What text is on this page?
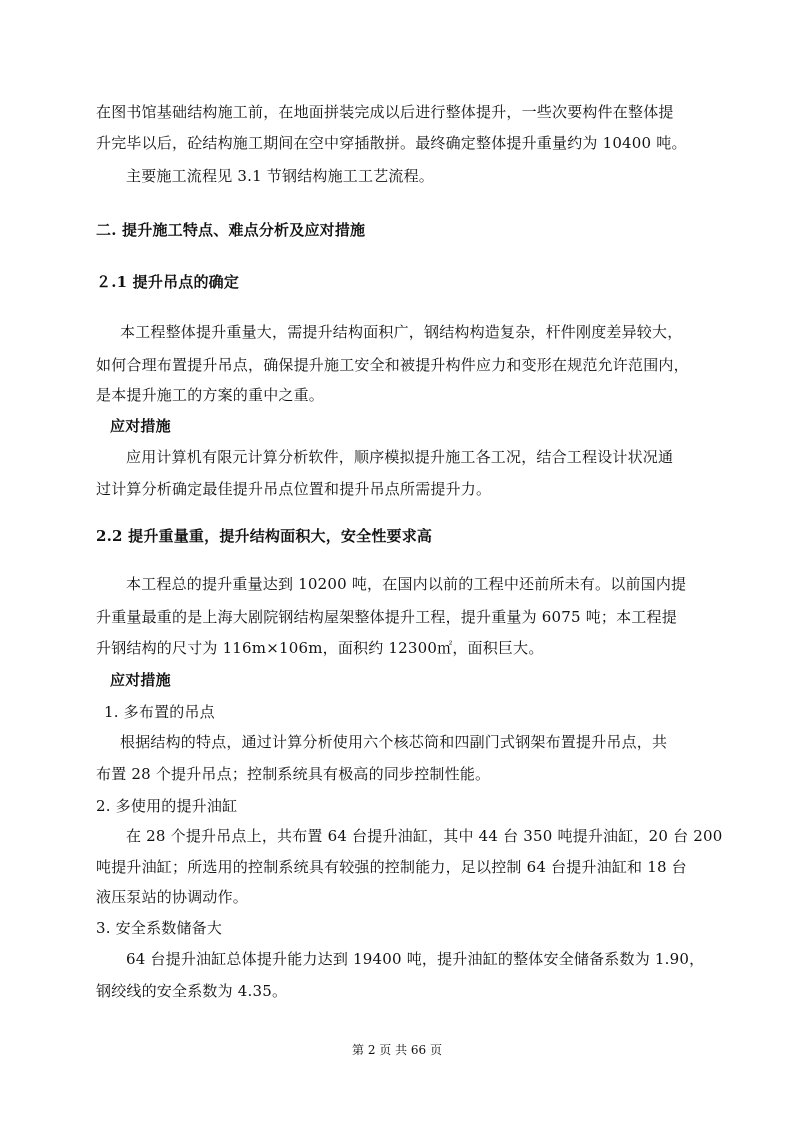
在图书馆基础结构施工前，在地面拼装完成以后进行整体提升，一些次要构件在整体提
升完毕以后，砼结构施工期间在空中穿插散拼。最终确定整体提升重量约为 10400 吨。
主要施工流程见 3.1 节钢结构施工工艺流程。
二. 提升施工特点、难点分析及应对措施
２.1 提升吊点的确定
本工程整体提升重量大，需提升结构面积广，钢结构构造复杂，杆件刚度差异较大，
如何合理布置提升吊点，确保提升施工安全和被提升构件应力和变形在规范允许范围内，
是本提升施工的方案的重中之重。
应对措施
应用计算机有限元计算分析软件，顺序模拟提升施工各工况，结合工程设计状况通
过计算分析确定最佳提升吊点位置和提升吊点所需提升力。
2.2 提升重量重，提升结构面积大，安全性要求高
本工程总的提升重量达到 10200 吨，在国内以前的工程中还前所未有。以前国内提
升重量最重的是上海大剧院钢结构屋架整体提升工程，提升重量为 6075 吨；本工程提
升钢结构的尺寸为 116m×106m，面积约 12300㎡，面积巨大。
应对措施
1. 多布置的吊点
根据结构的特点，通过计算分析使用六个核芯筒和四副门式钢架布置提升吊点，共
布置 28 个提升吊点；控制系统具有极高的同步控制性能。
2. 多使用的提升油缸
在 28 个提升吊点上，共布置 64 台提升油缸，其中 44 台 350 吨提升油缸，20 台 200
吨提升油缸；所选用的控制系统具有较强的控制能力，足以控制 64 台提升油缸和 18 台
液压泵站的协调动作。
3. 安全系数储备大
64 台提升油缸总体提升能力达到 19400 吨，提升油缸的整体安全储备系数为 1.90，
钢绞线的安全系数为 4.35。
第 2 页 共 66 页
